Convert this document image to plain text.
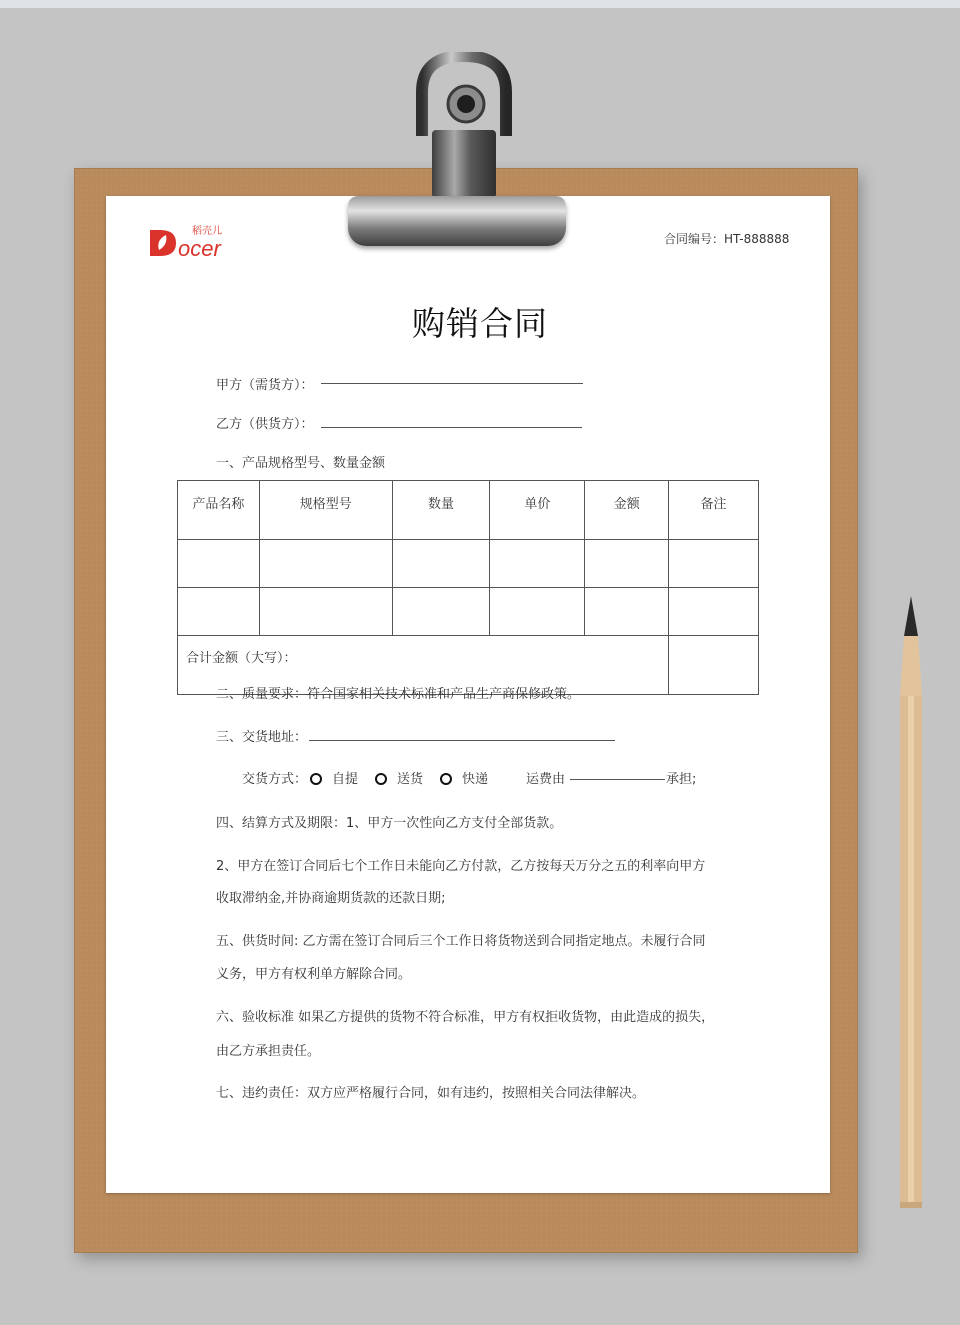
ocer
稻壳儿
合同编号：HT-888888
购销合同
甲方（需货方）：
乙方（供货方）：
一、产品规格型号、数量金额
产品名称	规格型号	数量	单价	金额	备注

合计金额（大写）：					
二、质量要求：符合国家相关技术标准和产品生产商保修政策。
三、交货地址：
交货方式：	自提	送货	快递	运费由	承担;
四、结算方式及期限：1、甲方一次性向乙方支付全部货款。
2、甲方在签订合同后七个工作日未能向乙方付款，乙方按每天万分之五的利率向甲方
收取滞纳金,并协商逾期货款的还款日期;
五、供货时间: 乙方需在签订合同后三个工作日将货物送到合同指定地点。未履行合同
义务，甲方有权利单方解除合同。
六、验收标准 如果乙方提供的货物不符合标准，甲方有权拒收货物，由此造成的损失，
由乙方承担责任。
七、违约责任：双方应严格履行合同，如有违约，按照相关合同法律解决。
